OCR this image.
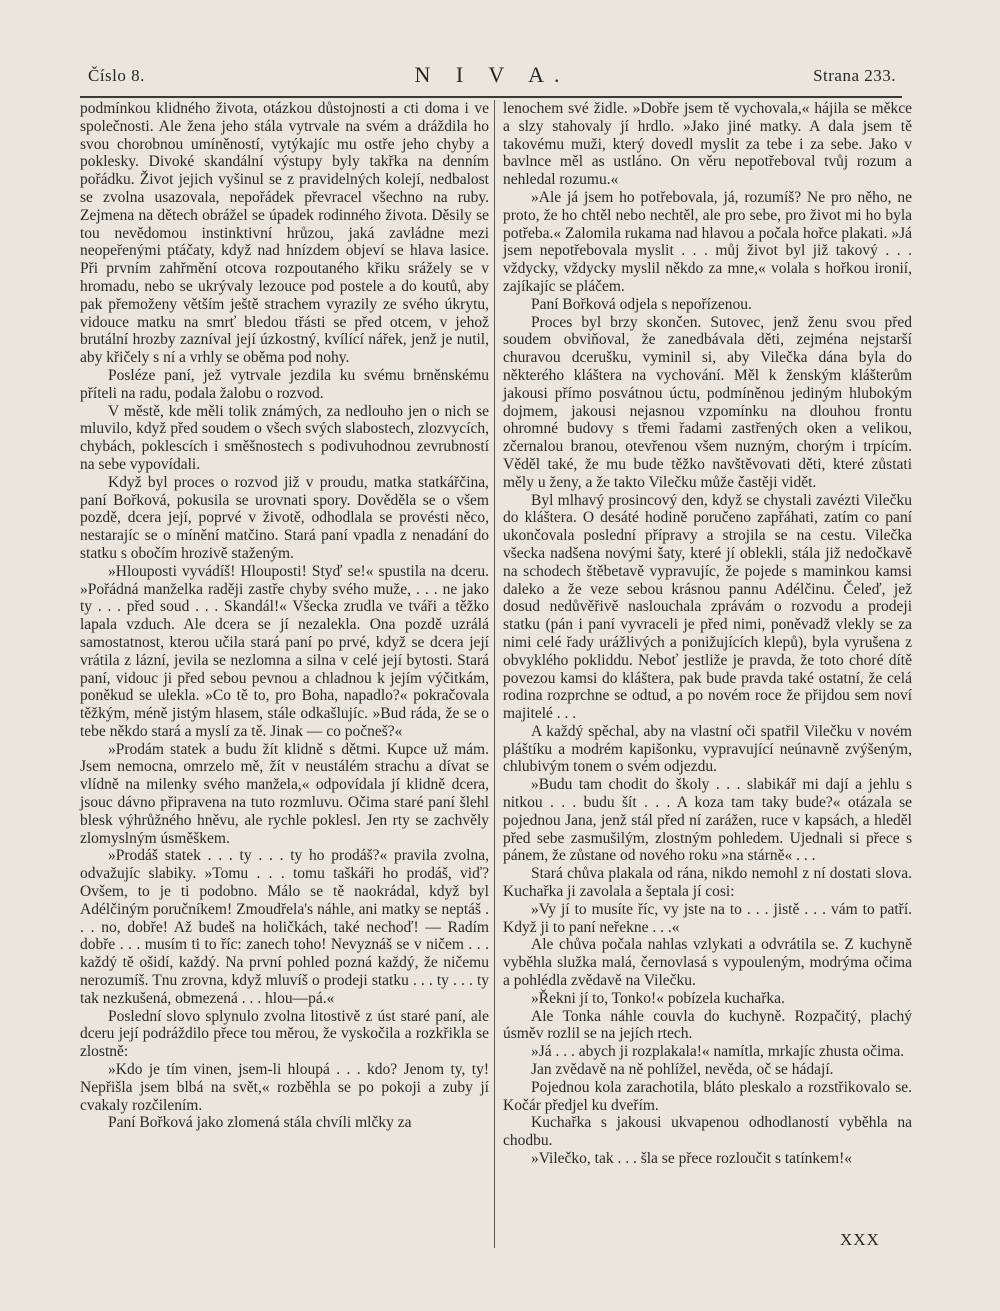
Číslo 8.	N I V A.	Strana 233.

podmínkou klidného života, otázkou důstojnosti a cti doma i ve společnosti. Ale žena jeho stála vytrvale na svém a dráždila ho svou chorobnou umíněností, vytýkajíc mu ostře jeho chyby a poklesky. Divoké skandální výstupy byly takřka na denním pořádku. Život jejich vyšinul se z pravidelných kolejí, nedbalost se zvolna usazovala, nepořádek převracel všechno na ruby. Zejmena na dětech obrážel se úpadek rodinného života. Děsily se tou nevědomou instinktivní hrůzou, jaká zavládne mezi neopeřenými ptáčaty, když nad hnízdem objeví se hlava lasice. Při prvním zahřmění otcova rozpoutaného křiku srážely se v hromadu, nebo se ukrývaly lezouce pod postele a do koutů, aby pak přemoženy větším ještě strachem vyrazily ze svého úkrytu, vidouce matku na smrť bledou třásti se před otcem, v jehož brutální hrozby zazníval její úzkostný, kvílící nářek, jenž je nutil, aby křičely s ní a vrhly se oběma pod nohy.

Posléze paní, jež vytrvale jezdila ku svému brněnskému příteli na radu, podala žalobu o rozvod.

V městě, kde měli tolik známých, za nedlouho jen o nich se mluvilo, když před soudem o všech svých slabostech, zlozvycích, chybách, poklescích i směšnostech s podivuhodnou zevrubností na sebe vypovídali.

Když byl proces o rozvod již v proudu, matka statkářčina, paní Bořková, pokusila se urovnati spory. Dověděla se o všem pozdě, dcera její, poprvé v životě, odhodlala se provésti něco, nestarajíc se o mínění matčino. Stará paní vpadla z nenadání do statku s obočím hrozivě staženým.

»Hlouposti vyvádíš! Hlouposti! Styď se!« spustila na dceru. »Pořádná manželka raději zastře chyby svého muže, . . . ne jako ty . . . před soud . . . Skandál!« Všecka zrudla ve tváři a těžko lapala vzduch. Ale dcera se jí nezalekla. Ona pozdě uzrálá samostatnost, kterou učila stará paní po prvé, když se dcera její vrátila z lázní, jevila se nezlomna a silna v celé její bytosti. Stará paní, vidouc ji před sebou pevnou a chladnou k jejím výčitkám, poněkud se ulekla. »Co tě to, pro Boha, napadlo?« pokračovala těžkým, méně jistým hlasem, stále odkašlujíc. »Bud ráda, že se o tebe někdo stará a myslí za tě. Jinak — co počneš?«

»Prodám statek a budu žít klidně s dětmi. Kupce už mám. Jsem nemocna, omrzelo mě, žít v neustálém strachu a dívat se vlídně na milenky svého manžela,« odpovídala jí klidně dcera, jsouc dávno připravena na tuto rozmluvu. Očima staré paní šlehl blesk výhrůžného hněvu, ale rychle poklesl. Jen rty se zachvěly zlomyslným úsměškem.

»Prodáš statek . . . ty . . . ty ho prodáš?« pravila zvolna, odvažujíc slabiky. »Tomu . . . tomu taškáři ho prodáš, viď? Ovšem, to je ti podobno. Málo se tě naokrádal, když byl Adélčiným poručníkem! Zmoudřela's náhle, ani matky se neptáš . . . no, dobře! Až budeš na holičkách, také nechoď! — Radím dobře . . . musím ti to říc: zanech toho! Nevyznáš se v ničem . . . každý tě ošidí, každý. Na první pohled pozná každý, že ničemu nerozumíš. Tnu zrovna, když mluvíš o prodeji statku . . . ty . . . ty tak nezkušená, obmezená . . . hlou—pá.«

Poslední slovo splynulo zvolna litostivě z úst staré paní, ale dceru její podráždilo přece tou měrou, že vyskočila a rozkřikla se zlostně:

»Kdo je tím vinen, jsem-li hloupá . . . kdo? Jenom ty, ty! Nepřišla jsem blbá na svět,« rozběhla se po pokoji a zuby jí cvakaly rozčilením.

Paní Bořková jako zlomená stála chvíli mlčky za

lenochem své židle. »Dobře jsem tě vychovala,« hájila se měkce a slzy stahovaly jí hrdlo. »Jako jiné matky. A dala jsem tě takovému muži, který dovedl myslit za tebe i za sebe. Jako v bavlnce měl as ustláno. On věru nepotřeboval tvůj rozum a nehledal rozumu.«

»Ale já jsem ho potřebovala, já, rozumíš? Ne pro něho, ne proto, že ho chtěl nebo nechtěl, ale pro sebe, pro život mi ho byla potřeba.« Zalomila rukama nad hlavou a počala hořce plakati. »Já jsem nepotřebovala myslit . . . můj život byl již takový . . . vždycky, vždycky myslil někdo za mne,« volala s hořkou ironií, zajíkajíc se pláčem.

Paní Bořková odjela s nepořízenou.

Proces byl brzy skončen. Sutovec, jenž ženu svou před soudem obviňoval, že zanedbávala děti, zejména nejstarší churavou dcerušku, vyminil si, aby Vilečka dána byla do některého kláštera na vychování. Měl k ženským klášterům jakousi přímo posvátnou úctu, podmíněnou jediným hlubokým dojmem, jakousi nejasnou vzpomínku na dlouhou frontu ohromné budovy s třemi řadami zastřených oken a velikou, zčernalou branou, otevřenou všem nuzným, chorým i trpícím. Věděl také, že mu bude těžko navštěvovati děti, které zůstati měly u ženy, a že takto Vilečku může častěji vidět.

Byl mlhavý prosincový den, když se chystali zavézti Vilečku do kláštera. O desáté hodině poručeno zapřáhati, zatím co paní ukončovala poslední přípravy a strojila se na cestu. Vilečka všecka nadšena novými šaty, které jí oblekli, stála již nedočkavě na schodech štěbetavě vypravujíc, že pojede s maminkou kamsi daleko a že veze sebou krásnou pannu Adélčinu. Čeleď, jež dosud nedůvěřivě naslouchala zprávám o rozvodu a prodeji statku (pán i paní vyvraceli je před nimi, poněvadž vlekly se za nimi celé řady urážlivých a ponižujících klepů), byla vyrušena z obvyklého pokliddu. Neboť jestliže je pravda, že toto choré dítě povezou kamsi do kláštera, pak bude pravda také ostatní, že celá rodina rozprchne se odtud, a po novém roce že přijdou sem noví majitelé . . .

A každý spěchal, aby na vlastní oči spatřil Vilečku v novém pláštíku a modrém kapišonku, vypravující neúnavně zvýšeným, chlubivým tonem o svém odjezdu.

»Budu tam chodit do školy . . . slabikář mi dají a jehlu s nitkou . . . budu šít . . . A koza tam taky bude?« otázala se pojednou Jana, jenž stál před ní zarážen, ruce v kapsách, a hleděl před sebe zasmušilým, zlostným pohledem. Ujednali si přece s pánem, že zůstane od nového roku »na stárně« . . .

Stará chůva plakala od rána, nikdo nemohl z ní dostati slova. Kuchařka ji zavolala a šeptala jí cosi:

»Vy jí to musíte říc, vy jste na to . . . jistě . . . vám to patří. Když ji to paní neřekne . . .«

Ale chůva počala nahlas vzlykati a odvrátila se. Z kuchyně vyběhla služka malá, černovlasá s vypouleným, modrýma očima a pohlédla zvědavě na Vilečku.

»Řekni jí to, Tonko!« pobízela kuchařka.

Ale Tonka náhle couvla do kuchyně. Rozpačitý, plachý úsměv rozlil se na jejích rtech.

»Já . . . abych ji rozplakala!« namítla, mrkajíc zhusta očima.

Jan zvědavě na ně pohlížel, nevěda, oč se hádají.

Pojednou kola zarachotila, bláto pleskalo a rozstřikovalo se. Kočár předjel ku dveřím.

Kuchařka s jakousi ukvapenou odhodlaností vyběhla na chodbu.

»Vilečko, tak . . . šla se přece rozloučit s tatínkem!«

XXX
